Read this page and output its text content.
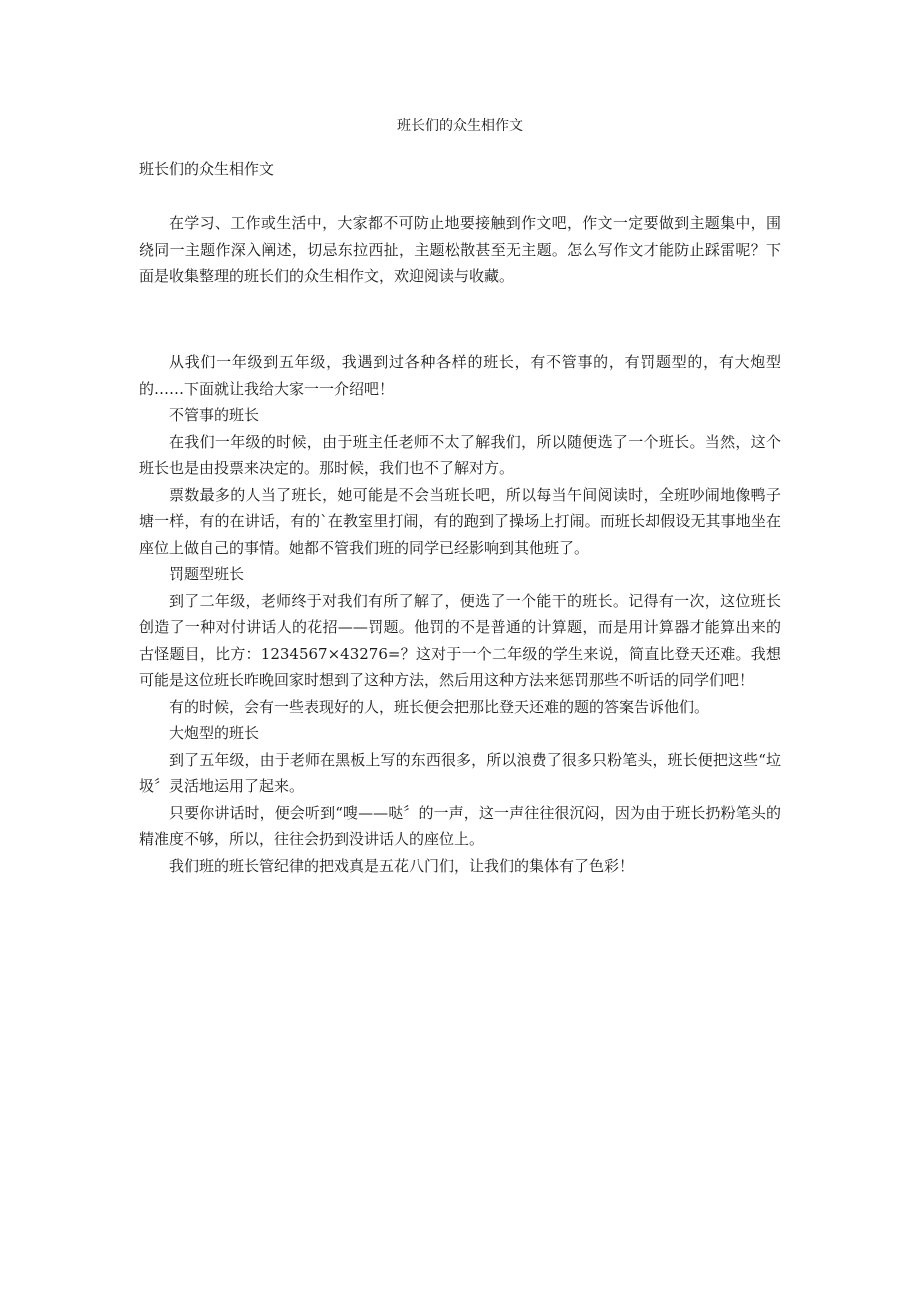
班长们的众生相作文
班长们的众生相作文

在学习、工作或生活中，大家都不可防止地要接触到作文吧，作文一定要做到主题集中，围绕同一主题作深入阐述，切忌东拉西扯，主题松散甚至无主题。怎么写作文才能防止踩雷呢？下面是收集整理的班长们的众生相作文，欢迎阅读与收藏。

从我们一年级到五年级，我遇到过各种各样的班长，有不管事的，有罚题型的，有大炮型的……下面就让我给大家一一介绍吧！

不管事的班长

在我们一年级的时候，由于班主任老师不太了解我们，所以随便选了一个班长。当然，这个班长也是由投票来决定的。那时候，我们也不了解对方。

票数最多的人当了班长，她可能是不会当班长吧，所以每当午间阅读时，全班吵闹地像鸭子塘一样，有的在讲话，有的`在教室里打闹，有的跑到了操场上打闹。而班长却假设无其事地坐在座位上做自己的事情。她都不管我们班的同学已经影响到其他班了。

罚题型班长

到了二年级，老师终于对我们有所了解了，便选了一个能干的班长。记得有一次，这位班长创造了一种对付讲话人的花招——罚题。他罚的不是普通的计算题，而是用计算器才能算出来的古怪题目，比方：1234567×43276=？这对于一个二年级的学生来说，简直比登天还难。我想可能是这位班长昨晚回家时想到了这种方法，然后用这种方法来惩罚那些不听话的同学们吧！

有的时候，会有一些表现好的人，班长便会把那比登天还难的题的答案告诉他们。

大炮型的班长

到了五年级，由于老师在黑板上写的东西很多，所以浪费了很多只粉笔头，班长便把这些“垃圾〞灵活地运用了起来。

只要你讲话时，便会听到“嗖——哒〞的一声，这一声往往很沉闷，因为由于班长扔粉笔头的精准度不够，所以，往往会扔到没讲话人的座位上。

我们班的班长管纪律的把戏真是五花八门们，让我们的集体有了色彩！
